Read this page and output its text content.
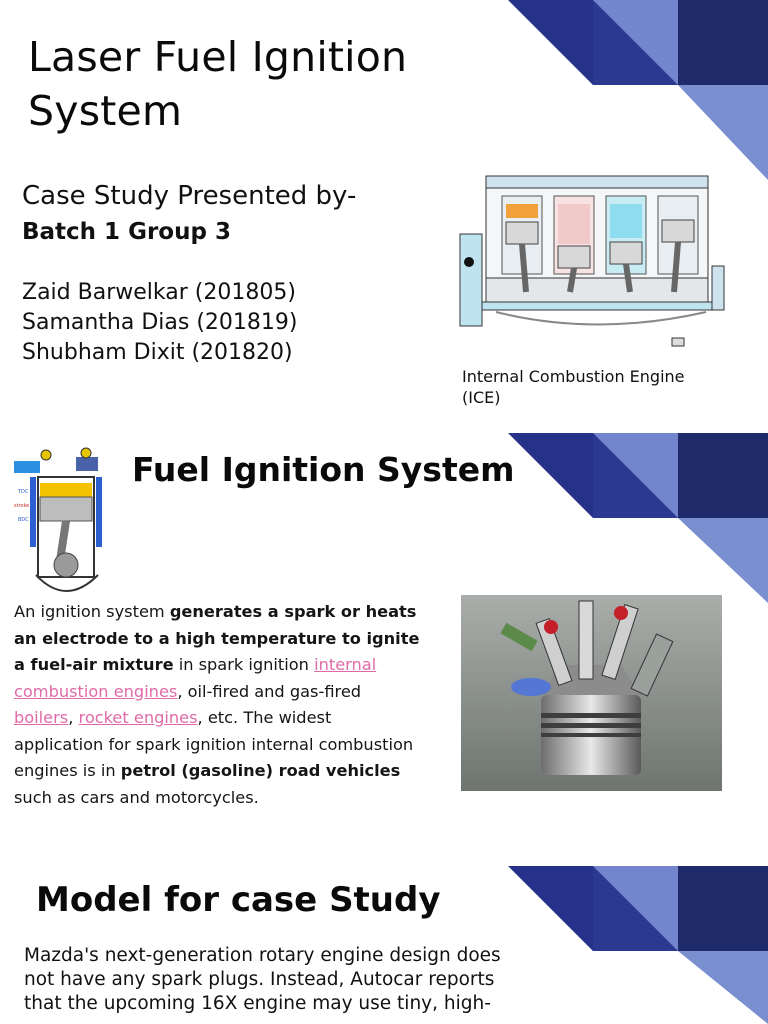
Laser Fuel Ignition
System
Case Study Presented by-
Batch 1 Group 3
Zaid Barwelkar (201805)
Samantha Dias (201819)
Shubham Dixit (201820)
Internal Combustion Engine
(ICE)
TDC
stroke
BDC
Fuel Ignition System

An ignition system generates a spark or heats an electrode to a high temperature to ignite a fuel-air mixture in spark ignition internal combustion engines, oil-fired and gas-fired boilers, rocket engines, etc. The widest application for spark ignition internal combustion engines is in petrol (gasoline) road vehicles such as cars and motorcycles.

Model for case Study
Mazda's next-generation rotary engine design does
not have any spark plugs. Instead, Autocar reports
that the upcoming 16X engine may use tiny, high-
